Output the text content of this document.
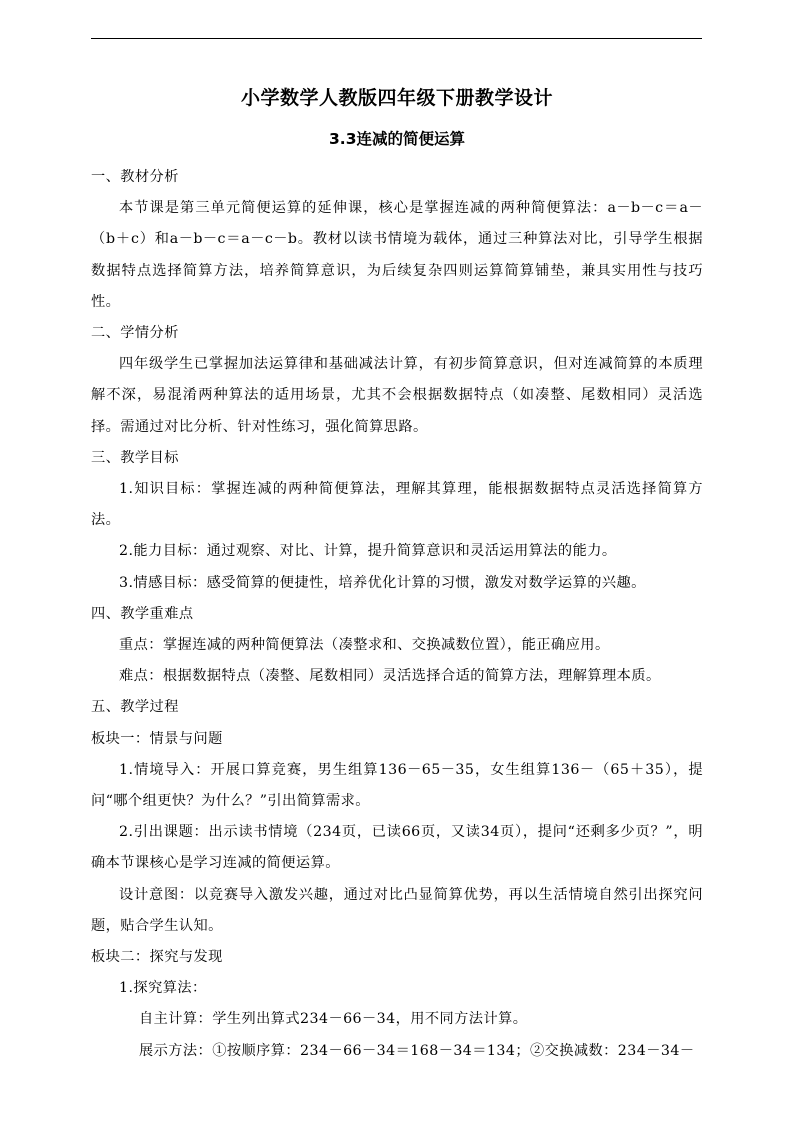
小学数学人教版四年级下册教学设计
3.3连减的简便运算

一、教材分析

本节课是第三单元简便运算的延伸课，核心是掌握连减的两种简便算法：a－b－c＝a－（b＋c）和a－b－c＝a－c－b。教材以读书情境为载体，通过三种算法对比，引导学生根据数据特点选择简算方法，培养简算意识，为后续复杂四则运算简算铺垫，兼具实用性与技巧性。

二、学情分析

四年级学生已掌握加法运算律和基础减法计算，有初步简算意识，但对连减简算的本质理解不深，易混淆两种算法的适用场景，尤其不会根据数据特点（如凑整、尾数相同）灵活选择。需通过对比分析、针对性练习，强化简算思路。

三、教学目标

1.知识目标：掌握连减的两种简便算法，理解其算理，能根据数据特点灵活选择简算方法。

2.能力目标：通过观察、对比、计算，提升简算意识和灵活运用算法的能力。

3.情感目标：感受简算的便捷性，培养优化计算的习惯，激发对数学运算的兴趣。

四、教学重难点

重点：掌握连减的两种简便算法（凑整求和、交换减数位置），能正确应用。

难点：根据数据特点（凑整、尾数相同）灵活选择合适的简算方法，理解算理本质。

五、教学过程

板块一：情景与问题

1.情境导入：开展口算竞赛，男生组算136－65－35，女生组算136－（65＋35），提问“哪个组更快？为什么？”引出简算需求。

2.引出课题：出示读书情境（234页，已读66页，又读34页），提问“还剩多少页？”，明确本节课核心是学习连减的简便运算。

设计意图：以竞赛导入激发兴趣，通过对比凸显简算优势，再以生活情境自然引出探究问题，贴合学生认知。

板块二：探究与发现

1.探究算法：

自主计算：学生列出算式234－66－34，用不同方法计算。

展示方法：①按顺序算：234－66－34＝168－34＝134；②交换减数：234－34－
